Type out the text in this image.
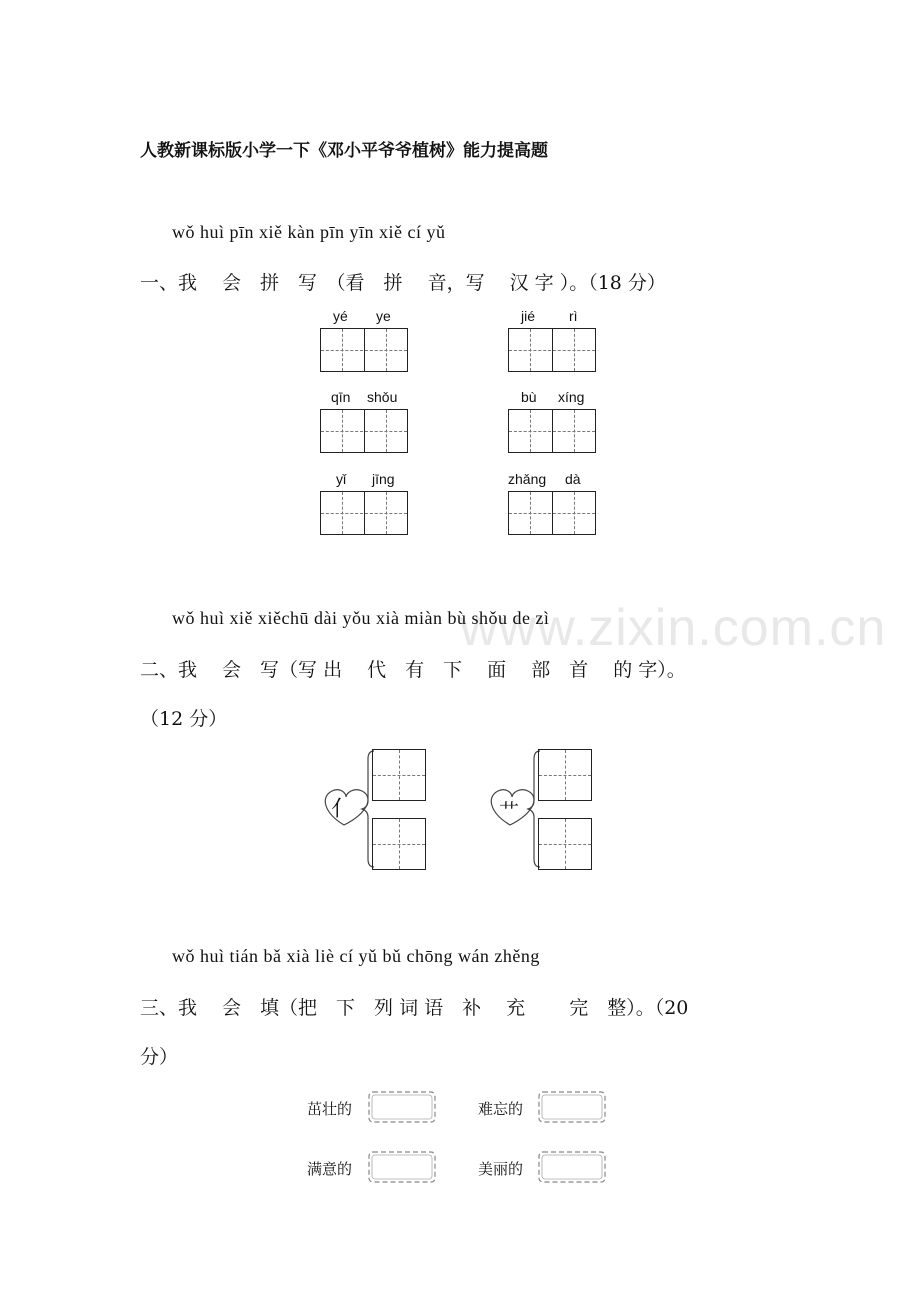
人教新课标版小学一下《邓小平爷爷植树》能力提高题
www.zixin.com.cn
wǒ huì pīn xiě kàn pīn yīn xiě cí yǔ
一、我　 会　拼　写　（看　拼　 音，写　 汉 字 ）。（18 分）
yé ye	jié rì
qīn shǒu	bù xíng
yǐ jīng	zhǎng dà
wǒ huì xiě xiěchū dài yǒu xià miàn bù shǒu de zì
二、我　 会　写（写 出　 代　有　下　 面　 部　首　 的 字）。
（12 分）
亻	艹
wǒ huì tián bǎ xià liè cí yǔ bǔ chōng wán zhěng
三、我　 会　填（把　下　列 词 语　补　 充　　 完　整）。（20
分）
茁壮的	难忘的
满意的	美丽的
